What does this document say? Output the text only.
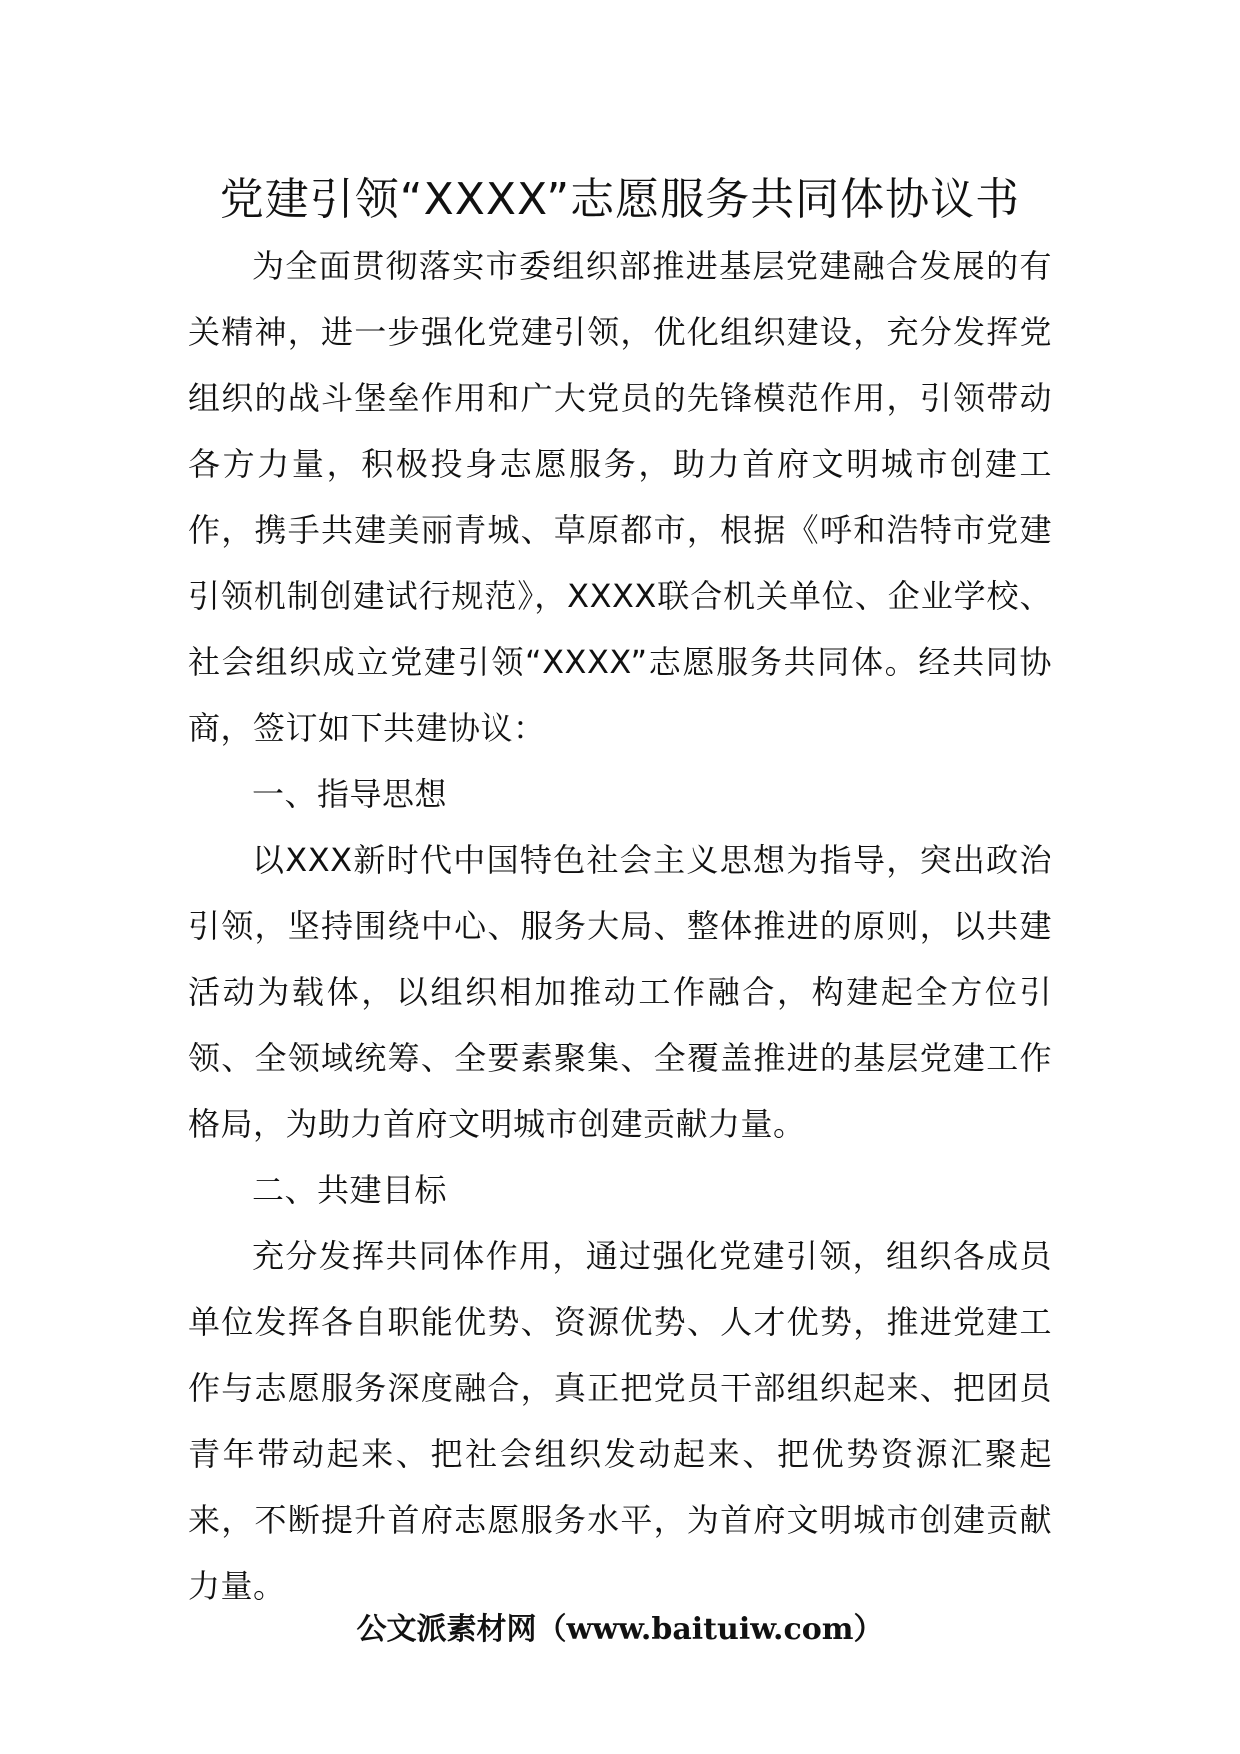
党建引领“XXXX”志愿服务共同体协议书

为全面贯彻落实市委组织部推进基层党建融合发展的有关精神，进一步强化党建引领，优化组织建设，充分发挥党组织的战斗堡垒作用和广大党员的先锋模范作用，引领带动各方力量，积极投身志愿服务，助力首府文明城市创建工作，携手共建美丽青城、草原都市，根据《呼和浩特市党建引领机制创建试行规范》，XXXX联合机关单位、企业学校、社会组织成立党建引领“XXXX”志愿服务共同体。经共同协商，签订如下共建协议：

一、指导思想

以XXX新时代中国特色社会主义思想为指导，突出政治引领，坚持围绕中心、服务大局、整体推进的原则，以共建活动为载体，以组织相加推动工作融合，构建起全方位引领、全领域统筹、全要素聚集、全覆盖推进的基层党建工作格局，为助力首府文明城市创建贡献力量。

二、共建目标

充分发挥共同体作用，通过强化党建引领，组织各成员单位发挥各自职能优势、资源优势、人才优势，推进党建工作与志愿服务深度融合，真正把党员干部组织起来、把团员青年带动起来、把社会组织发动起来、把优势资源汇聚起来，不断提升首府志愿服务水平，为首府文明城市创建贡献力量。

公文派素材网（www.baituiw.com）
